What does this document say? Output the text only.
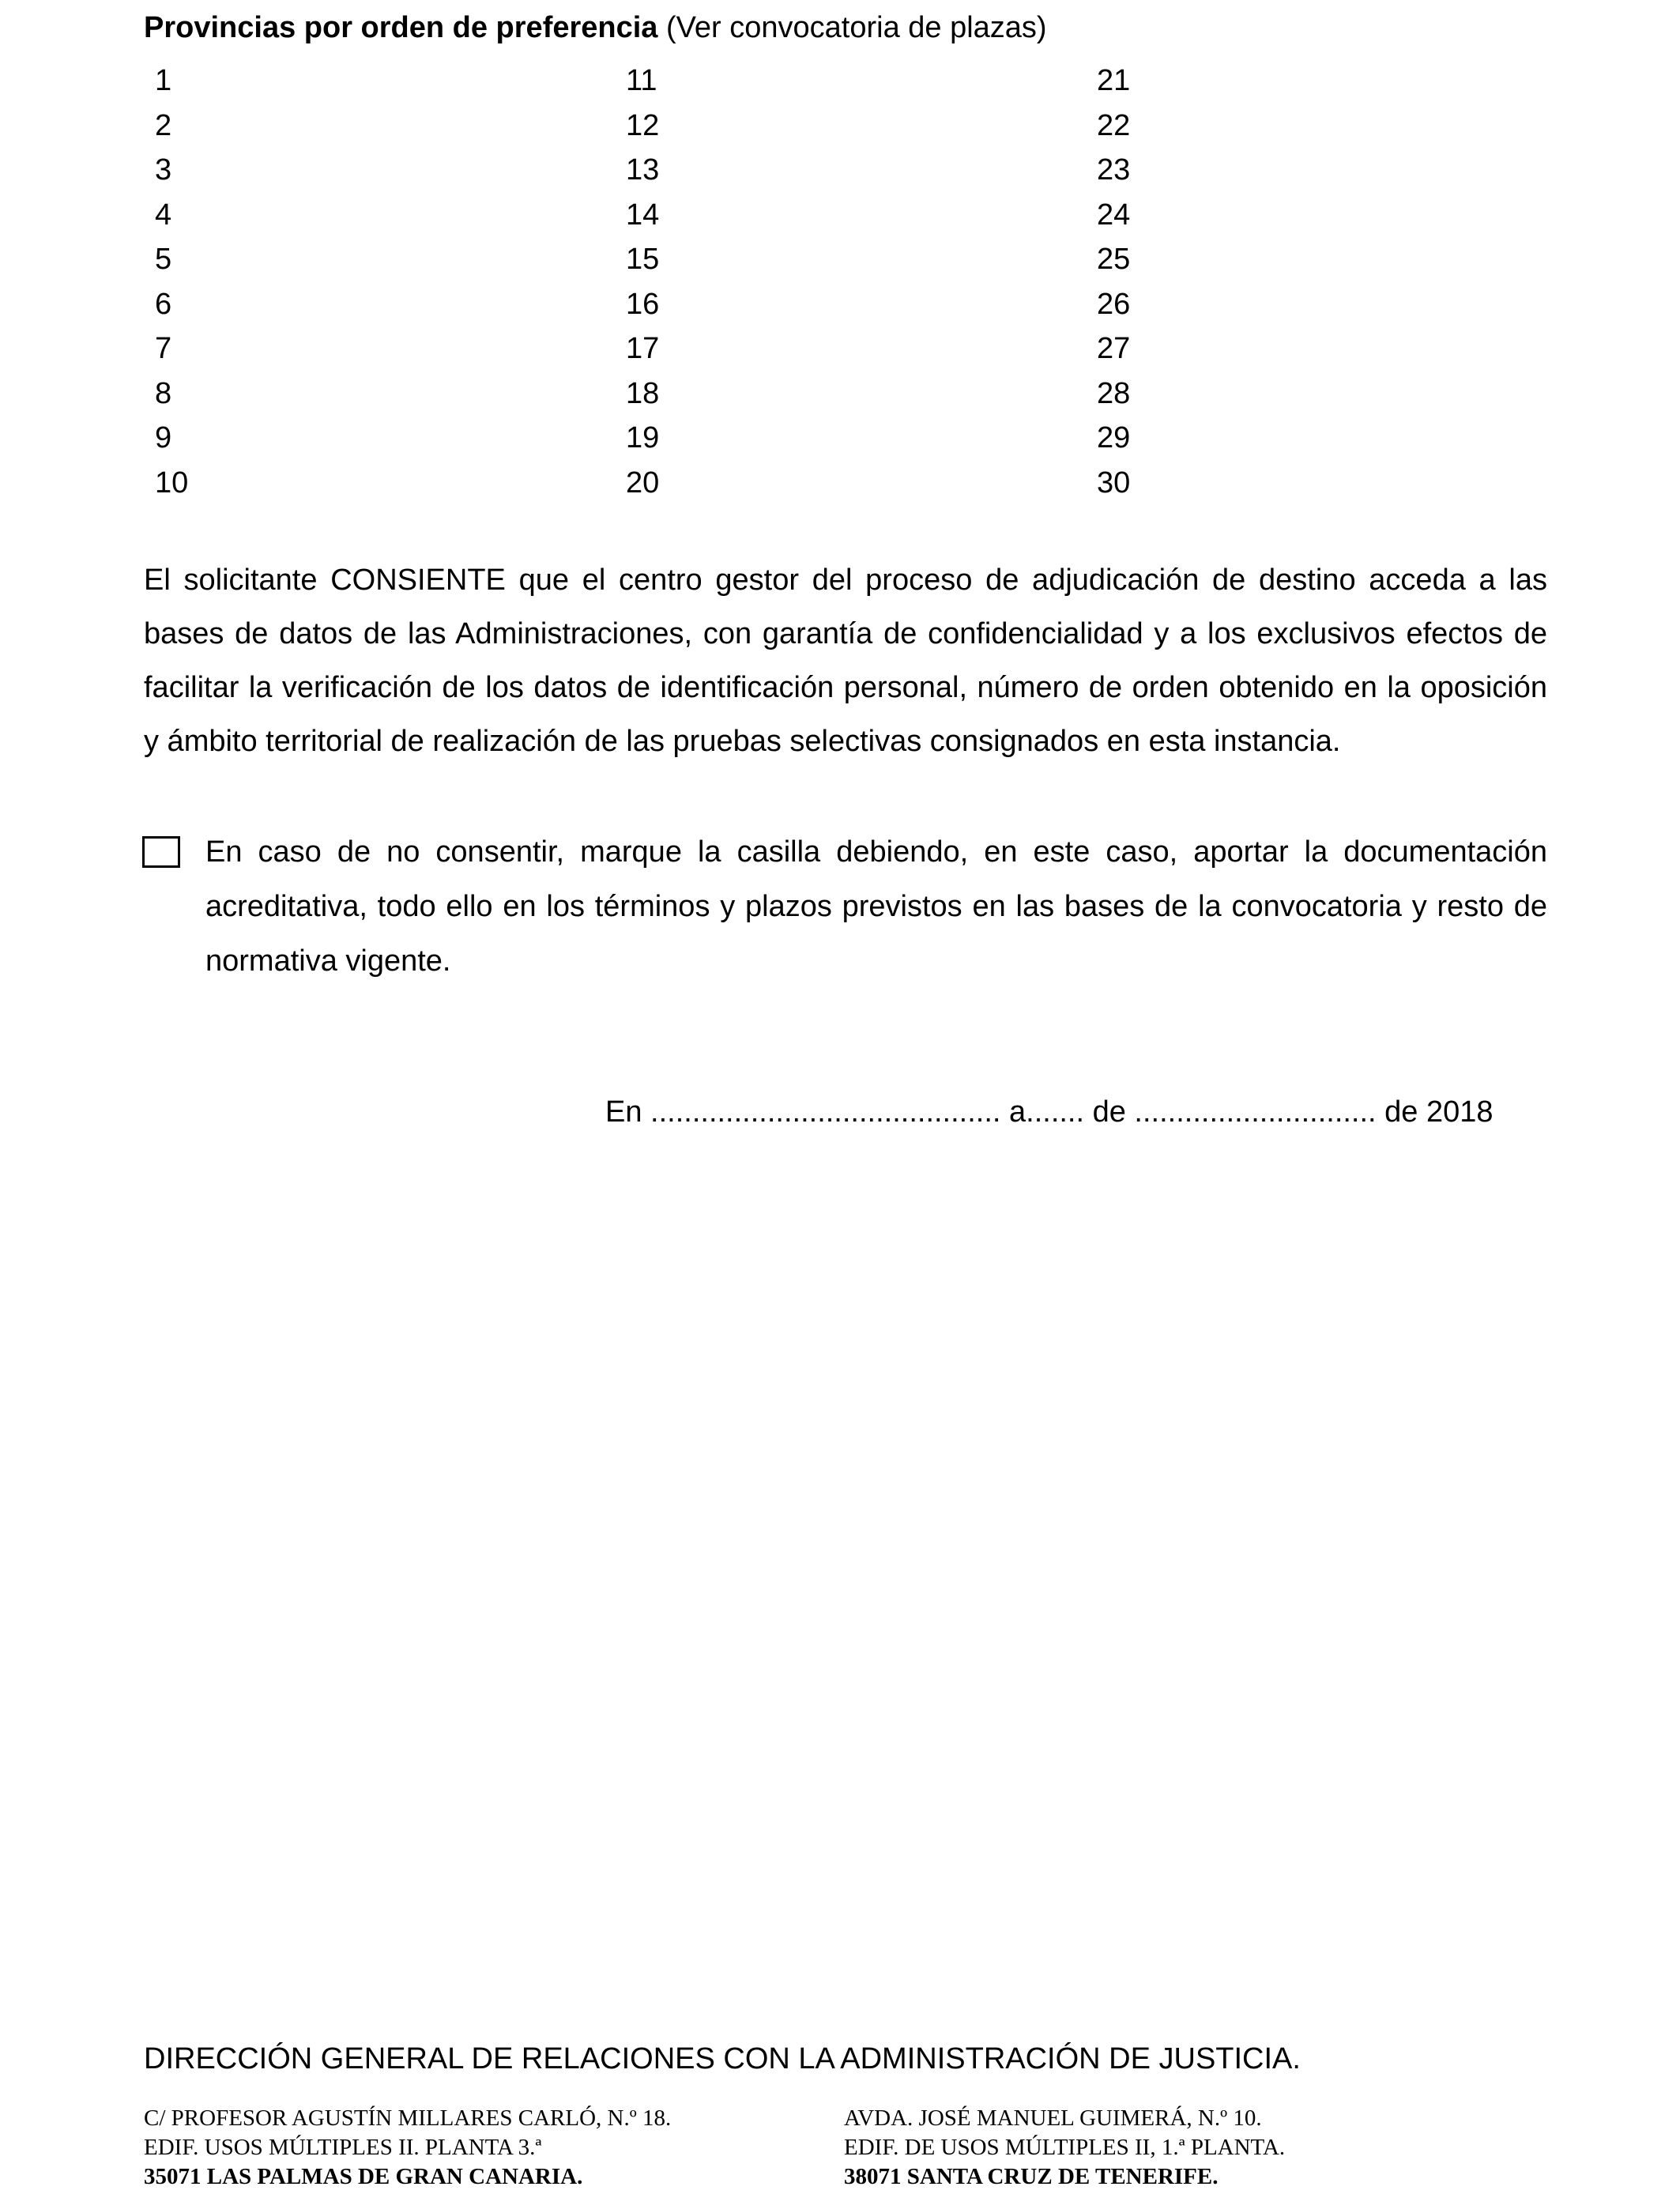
Provincias por orden de preferencia (Ver convocatoria de plazas)
1
2
3
4
5
6
7
8
9
10
11
12
13
14
15
16
17
18
19
20
21
22
23
24
25
26
27
28
29
30
El solicitante CONSIENTE que el centro gestor del proceso de adjudicación de destino acceda a las bases de datos de las Administraciones, con garantía de confidencialidad y a los exclusivos efectos de facilitar la verificación de los datos de identificación personal, número de orden obtenido en la oposición y ámbito territorial de realización de las pruebas selectivas consignados en esta instancia.
En caso de no consentir, marque la casilla debiendo, en este caso, aportar la documentación acreditativa, todo ello en los términos y plazos previstos en las bases de la convocatoria y resto de normativa vigente.
En .......................................... a....... de ............................. de 2018
DIRECCIÓN GENERAL DE RELACIONES CON LA ADMINISTRACIÓN DE JUSTICIA.
C/ PROFESOR AGUSTÍN MILLARES CARLÓ, N.º 18.
EDIF. USOS MÚLTIPLES II. PLANTA 3.ª
35071 LAS PALMAS DE GRAN CANARIA.
AVDA. JOSÉ MANUEL GUIMERÁ, N.º 10.
EDIF. DE USOS MÚLTIPLES II, 1.ª PLANTA.
38071 SANTA CRUZ DE TENERIFE.
